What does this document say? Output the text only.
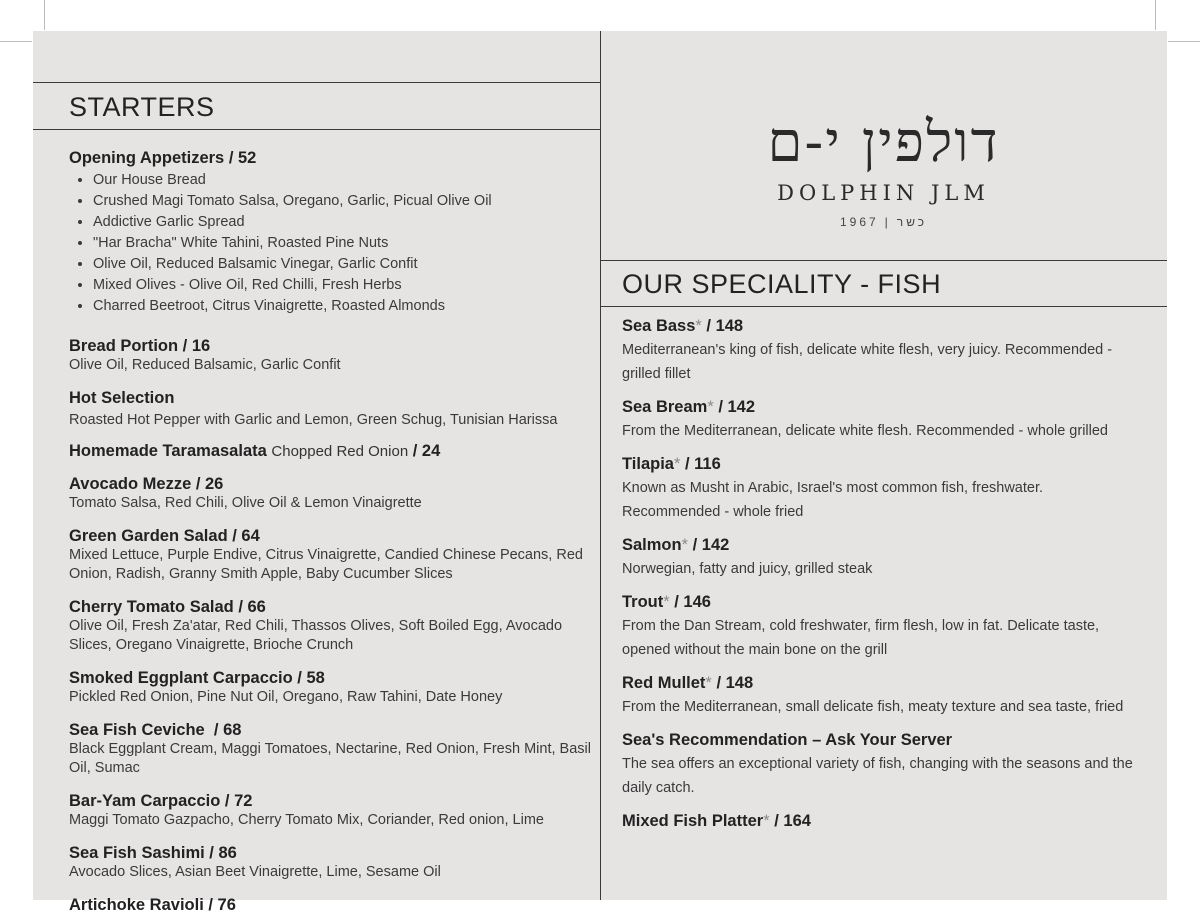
STARTERS
דולפין י-ם
DOLPHIN JLM
כשר|1967
OUR SPECIALITY - FISH
Opening Appetizers / 52
• Our House Bread
• Crushed Magi Tomato Salsa, Oregano, Garlic, Picual Olive Oil
• Addictive Garlic Spread
• "Har Bracha" White Tahini, Roasted Pine Nuts
• Olive Oil, Reduced Balsamic Vinegar, Garlic Confit
• Mixed Olives - Olive Oil, Red Chilli, Fresh Herbs
• Charred Beetroot, Citrus Vinaigrette, Roasted Almonds
Bread Portion / 16
Olive Oil, Reduced Balsamic, Garlic Confit
Hot Selection
Roasted Hot Pepper with Garlic and Lemon, Green Schug, Tunisian Harissa
Homemade Taramasalata Chopped Red Onion / 24
Avocado Mezze / 26
Tomato Salsa, Red Chili, Olive Oil & Lemon Vinaigrette
Green Garden Salad / 64
Mixed Lettuce, Purple Endive, Citrus Vinaigrette, Candied Chinese Pecans, Red Onion, Radish, Granny Smith Apple, Baby Cucumber Slices
Cherry Tomato Salad / 66
Olive Oil, Fresh Za'atar, Red Chili, Thassos Olives, Soft Boiled Egg, Avocado Slices, Oregano Vinaigrette, Brioche Crunch
Smoked Eggplant Carpaccio / 58
Pickled Red Onion, Pine Nut Oil, Oregano, Raw Tahini, Date Honey
Sea Fish Ceviche  / 68
Black Eggplant Cream, Maggi Tomatoes, Nectarine, Red Onion, Fresh Mint, Basil Oil, Sumac
Bar-Yam Carpaccio / 72
Maggi Tomato Gazpacho, Cherry Tomato Mix, Coriander, Red onion, Lime
Sea Fish Sashimi / 86
Avocado Slices, Asian Beet Vinaigrette, Lime, Sesame Oil
Artichoke Ravioli / 76
Sea Bass* / 148
Mediterranean's king of fish, delicate white flesh, very juicy. Recommended - grilled fillet
Sea Bream* / 142
From the Mediterranean, delicate white flesh. Recommended - whole grilled
Tilapia* / 116
Known as Musht in Arabic, Israel's most common fish, freshwater. Recommended - whole fried
Salmon* / 142
Norwegian, fatty and juicy, grilled steak
Trout* / 146
From the Dan Stream, cold freshwater, firm flesh, low in fat. Delicate taste, opened without the main bone on the grill
Red Mullet* / 148
From the Mediterranean, small delicate fish, meaty texture and sea taste, fried
Sea's Recommendation – Ask Your Server
The sea offers an exceptional variety of fish, changing with the seasons and the daily catch.
Mixed Fish Platter* / 164
